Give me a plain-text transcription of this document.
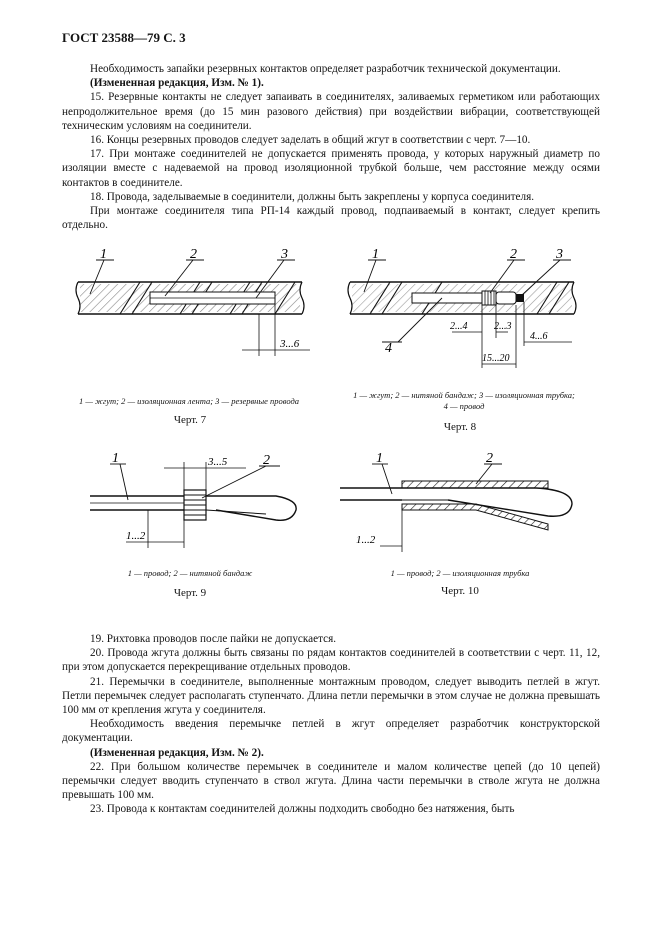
ГОСТ 23588—79 С. 3

Необходимость запайки резервных контактов определяет разработчик технической документации.

(Измененная редакция, Изм. № 1).

15. Резервные контакты не следует запаивать в соединителях, заливаемых герметиком или работающих непродолжительное время (до 15 мин разового действия) при воздействии вибрации, соответствующей техническим условиям на соединители.

16. Концы резервных проводов следует заделать в общий жгут в соответствии с черт. 7—10.

17. При монтаже соединителей не допускается применять провода, у которых наружный диаметр по изоляции вместе с надеваемой на провод изоляционной трубкой больше, чем расстояние между осями контактов в соединителе.

18. Провода, заделываемые в соединители, должны быть закреплены у корпуса соединителя.

При монтаже соединителя типа РП-14 каждый провод, подпаиваемый в контакт, следует крепить отдельно.

1	2	3
3...6
1 — жгут; 2 — изоляционная лента; 3 — резервные провода
Черт. 7
1	2	3
4
2...4	2...3
4...6
15...20
1 — жгут; 2 — нитяной бандаж; 3 — изоляционная трубка;
4 — провод
Черт. 8
1	2
3...5
1...2
1 — провод; 2 — нитяной бандаж
Черт. 9
1	2
1...2
1 — провод; 2 — изоляционная трубка
Черт. 10

19. Рихтовка проводов после пайки не допускается.

20. Провода жгута должны быть связаны по рядам контактов соединителей в соответствии с черт. 11, 12, при этом допускается перекрещивание отдельных проводов.

21. Перемычки в соединителе, выполненные монтажным проводом, следует выводить петлей в жгут. Петли перемычек следует располагать ступенчато. Длина петли перемычки в этом случае не должна превышать 100 мм от крепления жгута у соединителя.

Необходимость введения перемычке петлей в жгут определяет разработчик конструкторской документации.

(Измененная редакция, Изм. № 2).

22. При большом количестве перемычек в соединителе и малом количестве цепей (до 10 цепей) перемычки следует вводить ступенчато в ствол жгута. Длина части перемычки в стволе жгута не должна превышать 100 мм.

23. Провода к контактам соединителей должны подходить свободно без натяжения, быть
